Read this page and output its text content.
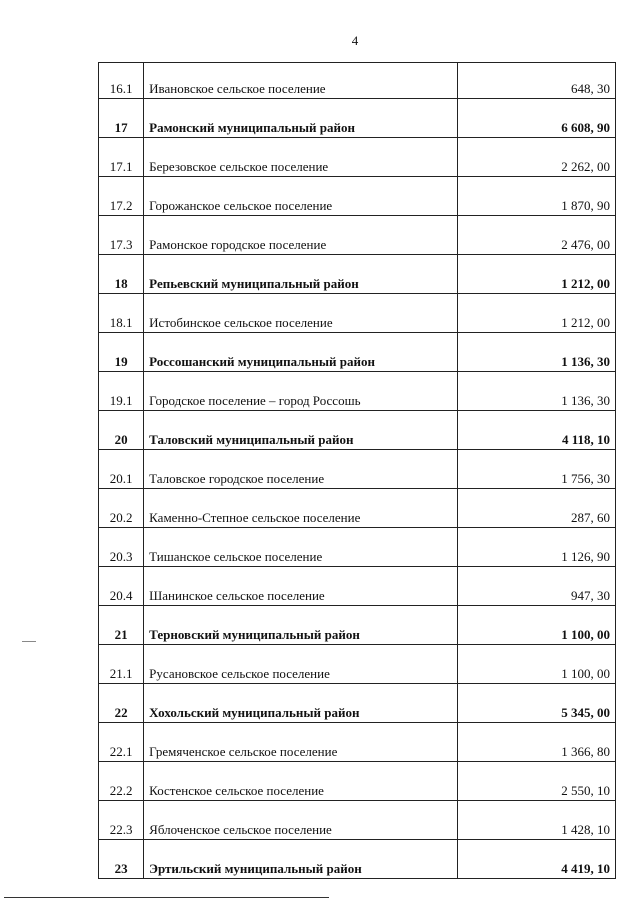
4
16.1	Ивановское сельское поселение	648, 30
17	Рамонский муниципальный район	6 608, 90
17.1	Березовское сельское поселение	2 262, 00
17.2	Горожанское сельское поселение	1 870, 90
17.3	Рамонское городское поселение	2 476, 00
18	Репьевский муниципальный район	1 212, 00
18.1	Истобинское сельское поселение	1 212, 00
19	Россошанский муниципальный район	1 136, 30
19.1	Городское поселение – город Россошь	1 136, 30
20	Таловский муниципальный район	4 118, 10
20.1	Таловское городское поселение	1 756, 30
20.2	Каменно-Степное сельское поселение	287, 60
20.3	Тишанское сельское поселение	1 126, 90
20.4	Шанинское сельское поселение	947, 30
21	Терновский муниципальный район	1 100, 00
21.1	Русановское сельское поселение	1 100, 00
22	Хохольский муниципальный район	5 345, 00
22.1	Гремяченское сельское поселение	1 366, 80
22.2	Костенское сельское поселение	2 550, 10
22.3	Яблоченское сельское поселение	1 428, 10
23	Эртильский муниципальный район	4 419, 10
